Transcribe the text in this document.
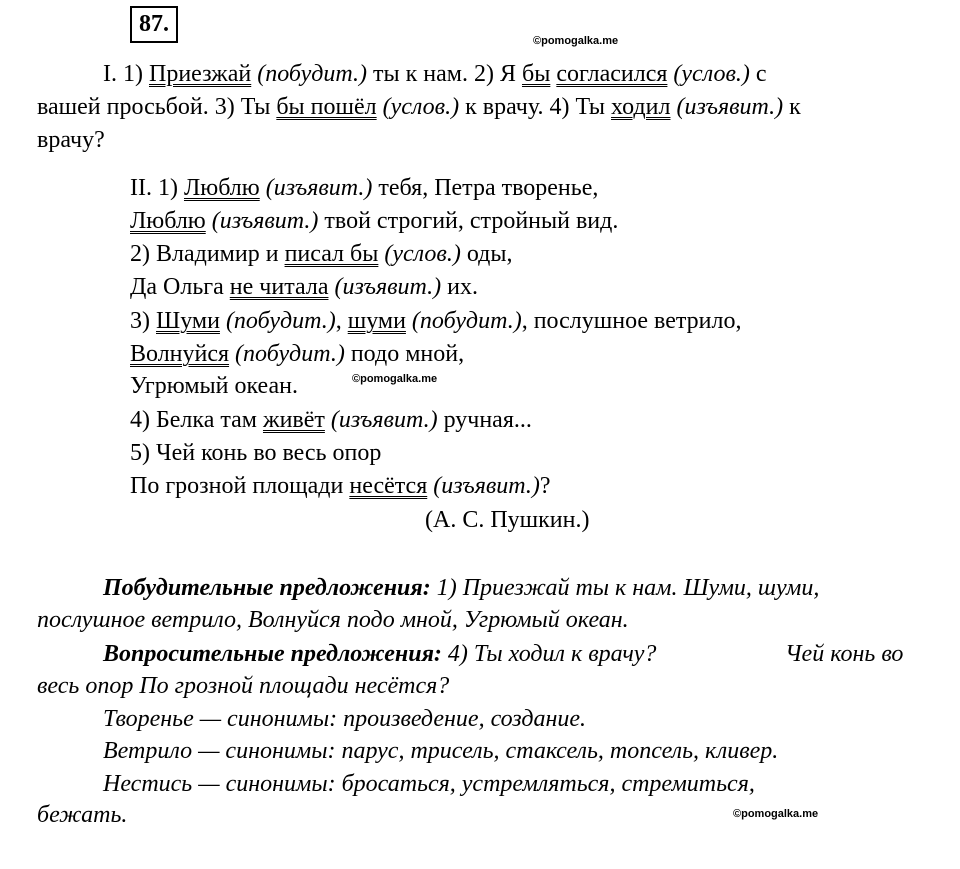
87.
©pomogalka.me
I. 1) Приезжай (побудит.) ты к нам. 2) Я бы согласился (услов.) с
вашей просьбой. 3) Ты бы пошёл (услов.) к врачу. 4) Ты ходил (изъявит.) к
врачу?
II. 1) Люблю (изъявит.) тебя, Петра творенье,
Люблю (изъявит.) твой строгий, стройный вид.
2) Владимир и писал бы (услов.) оды,
Да Ольга не читала (изъявит.) их.
3) Шуми (побудит.), шуми (побудит.), послушное ветрило,
Волнуйся (побудит.) подо мной,
Угрюмый океан.	©pomogalka.me
4) Белка там живёт (изъявит.) ручная...
5) Чей конь во весь опор
По грозной площади несётся (изъявит.)?
(А. С. Пушкин.)
Побудительные предложения: 1) Приезжай ты к нам. Шуми, шуми,
послушное ветрило, Волнуйся подо мной, Угрюмый океан.
Вопросительные предложения: 4) Ты ходил к врачу?	Чей конь во
весь опор По грозной площади несётся?
Творенье — синонимы: произведение, создание.
Ветрило — синонимы: парус, трисель, стаксель, топсель, кливер.
Нестись — синонимы: бросаться, устремляться, стремиться,
бежать.	©pomogalka.me
